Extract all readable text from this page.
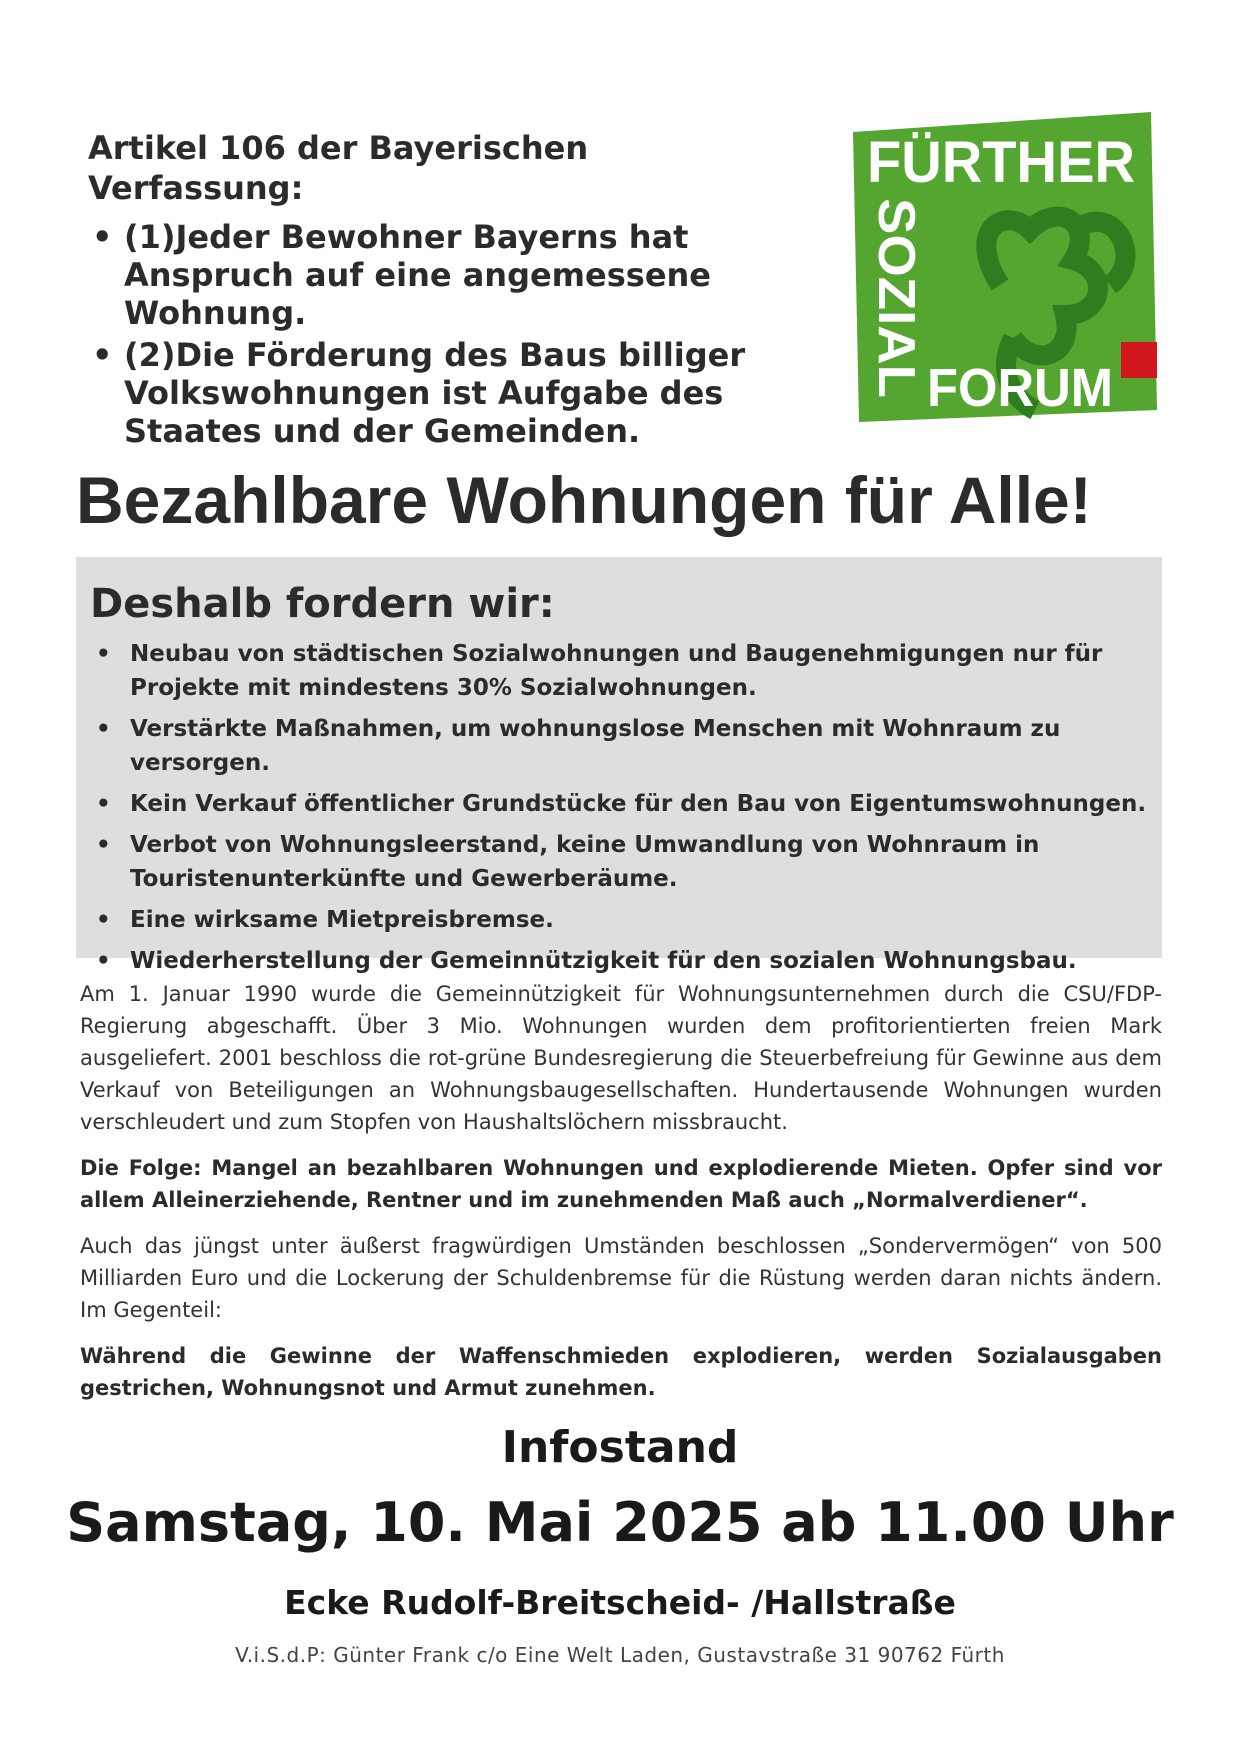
Artikel 106 der Bayerischen Verfassung:
• (1)Jeder Bewohner Bayerns hat Anspruch auf eine angemessene Wohnung.
• (2)Die Förderung des Baus billiger Volkswohnungen ist Aufgabe des Staates und der Gemeinden.
FÜRTHER
SOZIAL FORUM
Bezahlbare Wohnungen für Alle!
Deshalb fordern wir:
• Neubau von städtischen Sozialwohnungen und Baugenehmigungen nur für Projekte mit mindestens 30% Sozialwohnungen.
• Verstärkte Maßnahmen, um wohnungslose Menschen mit Wohnraum zu versorgen.
• Kein Verkauf öffentlicher Grundstücke für den Bau von Eigentumswohnungen.
• Verbot von Wohnungsleerstand, keine Umwandlung von Wohnraum in Touristenunterkünfte und Gewerberäume.
• Eine wirksame Mietpreisbremse.
• Wiederherstellung der Gemeinnützigkeit für den sozialen Wohnungsbau.

Am 1. Januar 1990 wurde die Gemeinnützigkeit für Wohnungsunternehmen durch die CSU/FDP-Regierung abgeschafft. Über 3 Mio. Wohnungen wurden dem profitorientierten freien Mark ausgeliefert. 2001 beschloss die rot-grüne Bundesregierung die Steuerbefreiung für Gewinne aus dem Verkauf von Beteiligungen an Wohnungsbaugesellschaften. Hundertausende Wohnungen wurden verschleudert und zum Stopfen von Haushaltslöchern missbraucht.

Die Folge: Mangel an bezahlbaren Wohnungen und explodierende Mieten. Opfer sind vor allem Alleinerziehende, Rentner und im zunehmenden Maß auch „Normalverdiener“.

Auch das jüngst unter äußerst fragwürdigen Umständen beschlossen „Sondervermögen“ von 500 Milliarden Euro und die Lockerung der Schuldenbremse für die Rüstung werden daran nichts ändern. Im Gegenteil:

Während die Gewinne der Waffenschmieden explodieren, werden Sozialausgaben gestrichen, Wohnungsnot und Armut zunehmen.

Infostand
Samstag, 10. Mai 2025 ab 11.00 Uhr
Ecke Rudolf-Breitscheid- /Hallstraße
V.i.S.d.P: Günter Frank c/o Eine Welt Laden, Gustavstraße 31 90762 Fürth
